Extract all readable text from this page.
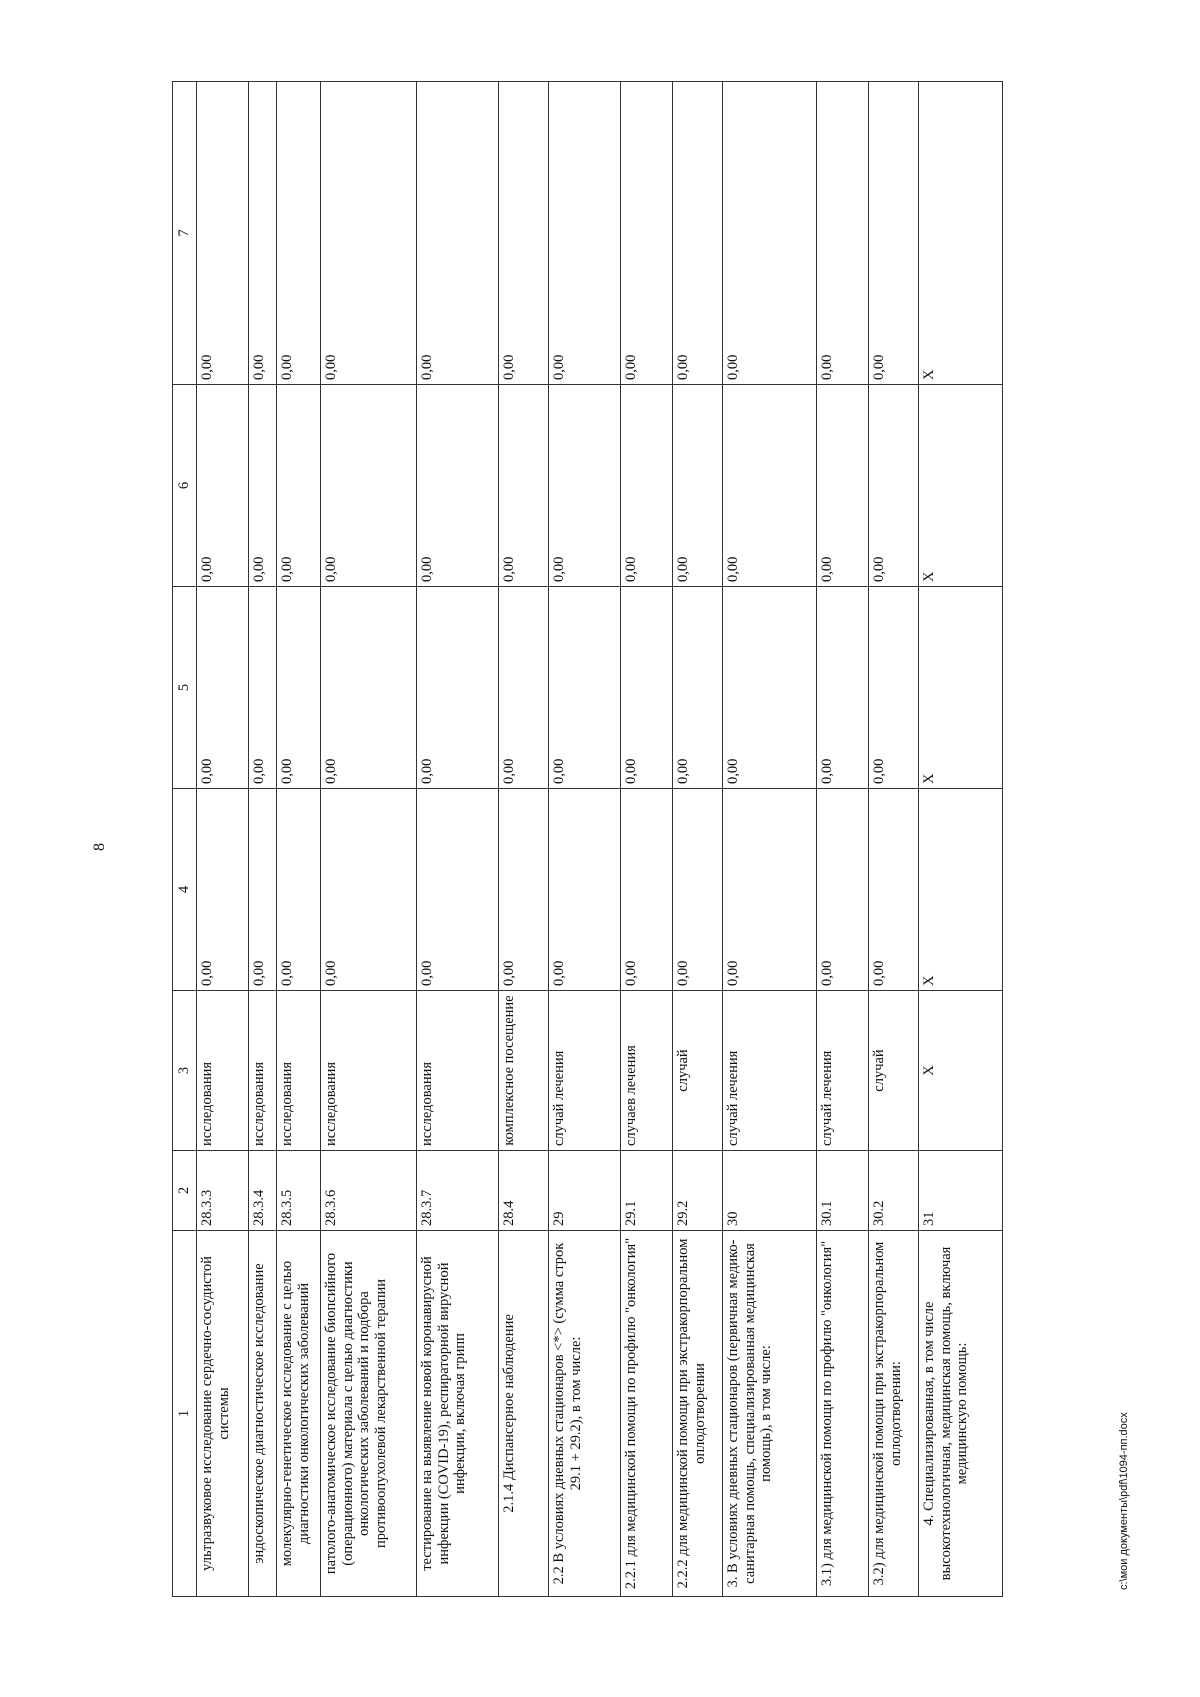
8
1	2	3	4	5	6	7
ультразвуковое исследование сердечно-сосудистой системы	28.3.3	исследования	0,00	0,00	0,00	0,00
эндоскопическое диагностическое исследование	28.3.4	исследования	0,00	0,00	0,00	0,00
молекулярно-генетическое исследование с целью диагностики онкологических заболеваний	28.3.5	исследования	0,00	0,00	0,00	0,00
патолого-анатомическое исследование биопсийного (операционного) материала с целью диагностики онкологических заболеваний и подбора противоопухолевой лекарственной терапии	28.3.6	исследования	0,00	0,00	0,00	0,00
тестирование на выявление новой коронавирусной инфекции (COVID-19), респираторной вирусной инфекции, включая грипп	28.3.7	исследования	0,00	0,00	0,00	0,00
2.1.4 Диспансерное наблюдение	28.4	комплексное посещение	0,00	0,00	0,00	0,00
2.2 В условиях дневных стационаров <*> (сумма строк 29.1 + 29.2), в том числе:	29	случай лечения	0,00	0,00	0,00	0,00
2.2.1 для медицинской помощи по профилю "онкология"	29.1	случаев лечения	0,00	0,00	0,00	0,00
2.2.2 для медицинской помощи при экстракорпоральном оплодотворении	29.2	случай	0,00	0,00	0,00	0,00
3. В условиях дневных стационаров (первичная медико-санитарная помощь, специализированная медицинская помощь), в том числе:	30	случай лечения	0,00	0,00	0,00	0,00
3.1) для медицинской помощи по профилю "онкология"	30.1	случай лечения	0,00	0,00	0,00	0,00
3.2) для медицинской помощи при экстракорпоральном оплодотворении:	30.2	случай	0,00	0,00	0,00	0,00
4. Специализированная, в том числе высокотехнологичная, медицинская помощь, включая медицинскую помощь:	31	X	X	X	X	X
c:\мои документы\pdf\1094-пп.docx
